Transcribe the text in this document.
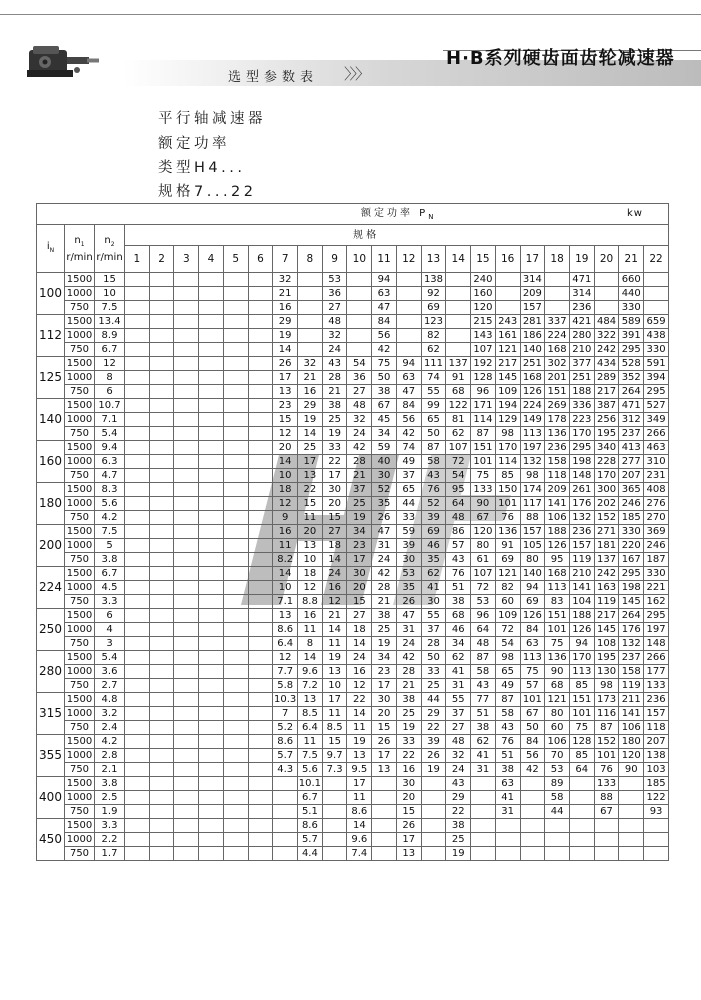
选型参数表 〉〉〉
H·B系列硬齿面齿轮减速器
平行轴减速器
额定功率
类型H4...
规格7...22
额定功率 $P_N$ kw																								

$i_N$	$n_1$
r/min	$n_2$
r/min	规 格																					
			1	2	3	4	5	6	7	8	9	10	11	12	13	14	15	16	17	18	19	20	21	22
100	1500	15							32		53		94		138		240		314		471		660	
	1000	10							21		36		63		92		160		209		314		440	
	750	7.5							16		27		47		69		120		157		236		330	
112	1500	13.4							29		48		84		123		215	243	281	337	421	484	589	659
	1000	8.9							19		32		56		82		143	161	186	224	280	322	391	438
	750	6.7							14		24		42		62		107	121	140	168	210	242	295	330
125	1500	12							26	32	43	54	75	94	111	137	192	217	251	302	377	434	528	591
	1000	8							17	21	28	36	50	63	74	91	128	145	168	201	251	289	352	394
	750	6							13	16	21	27	38	47	55	68	96	109	126	151	188	217	264	295
140	1500	10.7							23	29	38	48	67	84	99	122	171	194	224	269	336	387	471	527
	1000	7.1							15	19	25	32	45	56	65	81	114	129	149	178	223	256	312	349
	750	5.4							12	14	19	24	34	42	50	62	87	98	113	136	170	195	237	266
160	1500	9.4							20	25	33	42	59	74	87	107	151	170	197	236	295	340	413	463
	1000	6.3							14	17	22	28	40	49	58	72	101	114	132	158	198	228	277	310
	750	4.7							10	13	17	21	30	37	43	54	75	85	98	118	148	170	207	231
180	1500	8.3							18	22	30	37	52	65	76	95	133	150	174	209	261	300	365	408
	1000	5.6							12	15	20	25	35	44	52	64	90	101	117	141	176	202	246	276
	750	4.2							9	11	15	19	26	33	39	48	67	76	88	106	132	152	185	270
200	1500	7.5							16	20	27	34	47	59	69	86	120	136	157	188	236	271	330	369
	1000	5							11	13	18	23	31	39	46	57	80	91	105	126	157	181	220	246
	750	3.8							8.2	10	14	17	24	30	35	43	61	69	80	95	119	137	167	187
224	1500	6.7							14	18	24	30	42	53	62	76	107	121	140	168	210	242	295	330
	1000	4.5							10	12	16	20	28	35	41	51	72	82	94	113	141	163	198	221
	750	3.3							7.1	8.8	12	15	21	26	30	38	53	60	69	83	104	119	145	162
250	1500	6							13	16	21	27	38	47	55	68	96	109	126	151	188	217	264	295
	1000	4							8.6	11	14	18	25	31	37	46	64	72	84	101	126	145	176	197
	750	3							6.4	8	11	14	19	24	28	34	48	54	63	75	94	108	132	148
280	1500	5.4							12	14	19	24	34	42	50	62	87	98	113	136	170	195	237	266
	1000	3.6							7.7	9.6	13	16	23	28	33	41	58	65	75	90	113	130	158	177
	750	2.7							5.8	7.2	10	12	17	21	25	31	43	49	57	68	85	98	119	133
315	1500	4.8							10.3	13	17	22	30	38	44	55	77	87	101	121	151	173	211	236
	1000	3.2							7	8.5	11	14	20	25	29	37	51	58	67	80	101	116	141	157
	750	2.4							5.2	6.4	8.5	11	15	19	22	27	38	43	50	60	75	87	106	118
355	1500	4.2							8.6	11	15	19	26	33	39	48	62	76	84	106	128	152	180	207
	1000	2.8							5.7	7.5	9.7	13	17	22	26	32	41	51	56	70	85	101	120	138
	750	2.1							4.3	5.6	7.3	9.5	13	16	19	24	31	38	42	53	64	76	90	103
400	1500	3.8								10.1		17		30		43		63		89		133		185
	1000	2.5								6.7		11		20		29		41		58		88		122
	750	1.9								5.1		8.6		15		22		31		44		67		93
450	1500	3.3								8.6		14		26		38								
	1000	2.2								5.7		9.6		17		25								
	750	1.7								4.4		7.4		13		19								
